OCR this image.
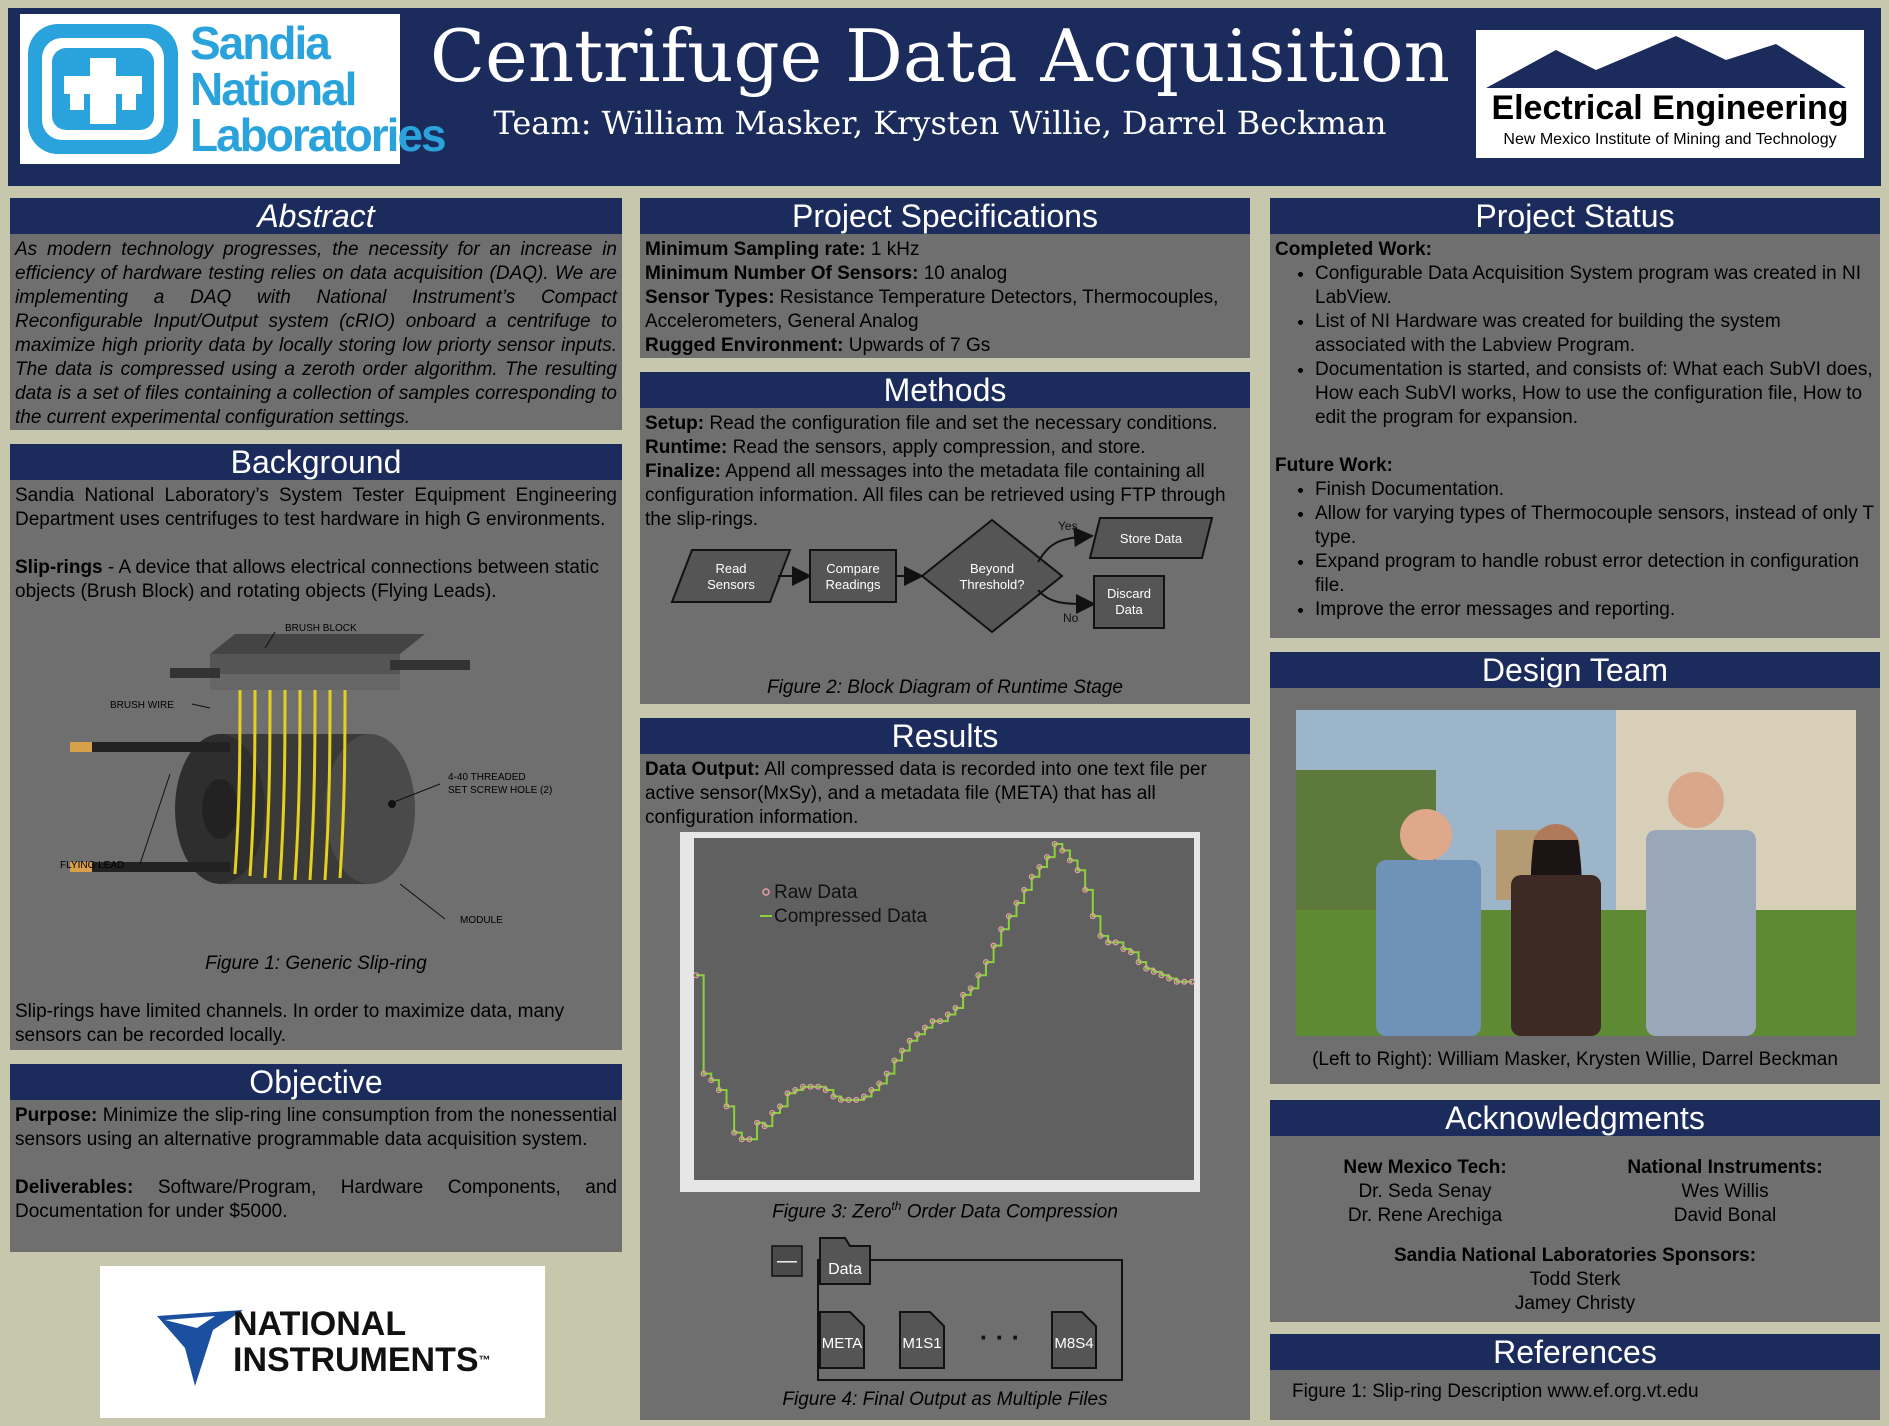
Sandia
National
Laboratories
Centrifuge Data Acquisition
Team: William Masker, Krysten Willie, Darrel Beckman	Electrical Engineering
New Mexico Institute of Mining and Technology
Abstract
As modern technology progresses, the necessity for an increase in efficiency of hardware testing relies on data acquisition (DAQ). We are implementing a DAQ with National Instrument’s Compact Reconfigurable Input/Output system (cRIO) onboard a centrifuge to maximize high priority data by locally storing low priorty sensor inputs. The data is compressed using a zeroth order algorithm. The resulting data is a set of files containing a collection of samples corresponding to the current experimental configuration settings.
Background

Sandia National Laboratory’s System Tester Equipment Engineering Department uses centrifuges to test hardware in high G environments.

Slip-rings - A device that allows electrical connections between static objects (Brush Block) and rotating objects (Flying Leads).

BRUSH BLOCK
BRUSH WIRE
4-40 THREADED
SET SCREW HOLE (2)
FLYING LEAD
MODULE
Figure 1: Generic Slip-ring
Slip-rings have limited channels. In order to maximize data, many sensors can be recorded locally.
Objective

Purpose: Minimize the slip-ring line consumption from the nonessential sensors using an alternative programmable data acquisition system.

Deliverables: Software/Program, Hardware Components, and Documentation for under $5000.

NATIONAL
INSTRUMENTS™
Project Specifications

Minimum Sampling rate: 1 kHz

Minimum Number Of Sensors: 10 analog

Sensor Types: Resistance Temperature Detectors, Thermocouples, Accelerometers, General Analog

Rugged Environment: Upwards of 7 Gs

Methods

Setup: Read the configuration file and set the necessary conditions.

Runtime: Read the sensors, apply compression, and store.

Finalize: Append all messages into the metadata file containing all configuration information. All files can be retrieved using FTP through the slip-rings.

Read
Sensors
Compare
Readings
Beyond
Threshold?
Yes
Store Data
No
Discard
Data
Figure 2: Block Diagram of Runtime Stage
Results

Data Output: All compressed data is recorded into one text file per active sensor(MxSy), and a metadata file (META) that has all configuration information.

Raw Data
Compressed Data
Figure 3: Zero$^{th}$ Order Data Compression
— Data
META	M1S1 · · · M8S4
Figure 4: Final Output as Multiple Files
Project Status

Completed Work:

• Configurable Data Acquisition System program was created in NI LabView.
• List of NI Hardware was created for building the system associated with the Labview Program.
• Documentation is started, and consists of: What each SubVI does, How each SubVI works, How to use the configuration file, How to edit the program for expansion.

Future Work:

• Finish Documentation.
• Allow for varying types of Thermocouple sensors, instead of only T type.
• Expand program to handle robust error detection in configuration file.
• Improve the error messages and reporting.
Design Team
(Left to Right): William Masker, Krysten Willie, Darrel Beckman
Acknowledgments
New Mexico Tech:
Dr. Seda Senay
Dr. Rene Arechiga
National Instruments:
Wes Willis
David Bonal
Sandia National Laboratories Sponsors:
Todd Sterk
Jamey Christy
References
Figure 1: Slip-ring Description www.ef.org.vt.edu
